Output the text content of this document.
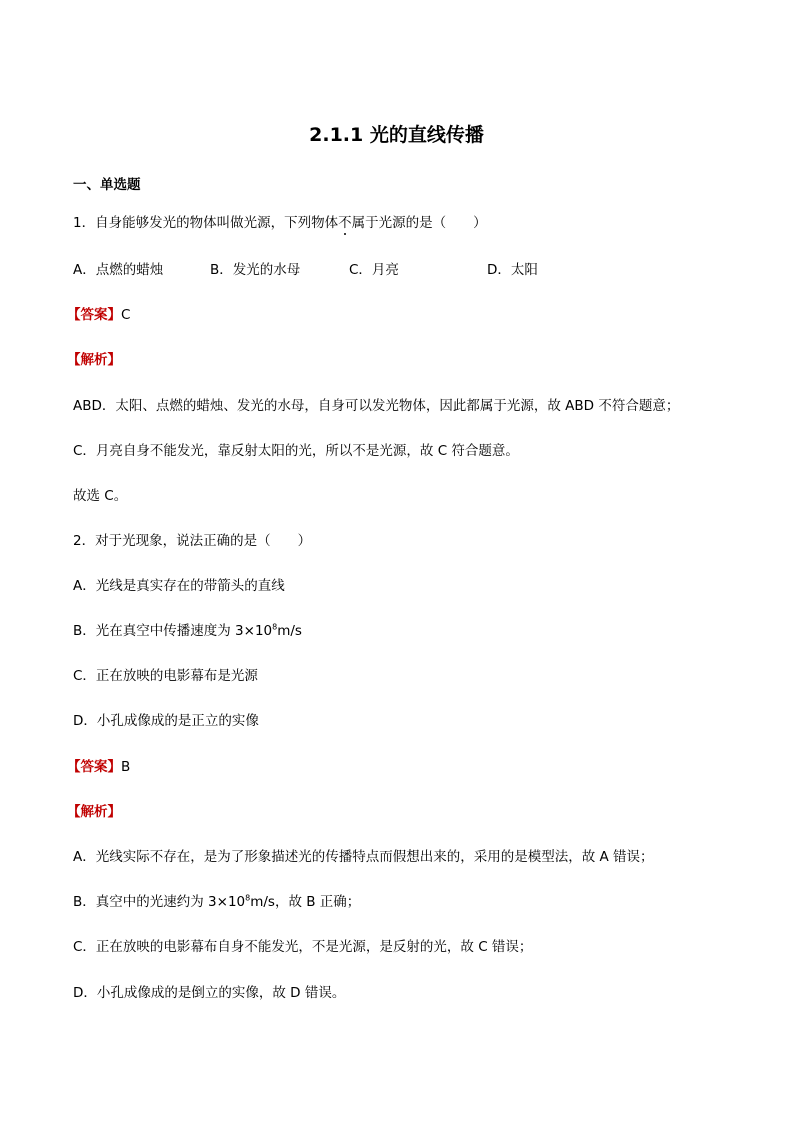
2.1.1 光的直线传播
一、单选题
1．自身能够发光的物体叫做光源，下列物体不属于光源的是（　　）
A．点燃的蜡烛	B．发光的水母	C．月亮	D．太阳
【答案】C
【解析】
ABD．太阳、点燃的蜡烛、发光的水母，自身可以发光物体，因此都属于光源，故 ABD 不符合题意；
C．月亮自身不能发光，靠反射太阳的光，所以不是光源，故 C 符合题意。
故选 C。
2．对于光现象，说法正确的是（　　）
A．光线是真实存在的带箭头的直线
B．光在真空中传播速度为 $3\times 10^8m/s$
C．正在放映的电影幕布是光源
D．小孔成像成的是正立的实像
【答案】B
【解析】
A．光线实际不存在，是为了形象描述光的传播特点而假想出来的，采用的是模型法，故 A 错误；
B．真空中的光速约为 $3\times 10^8m/s$，故 B 正确；
C．正在放映的电影幕布自身不能发光，不是光源，是反射的光，故 C 错误；
D．小孔成像成的是倒立的实像，故 D 错误。
